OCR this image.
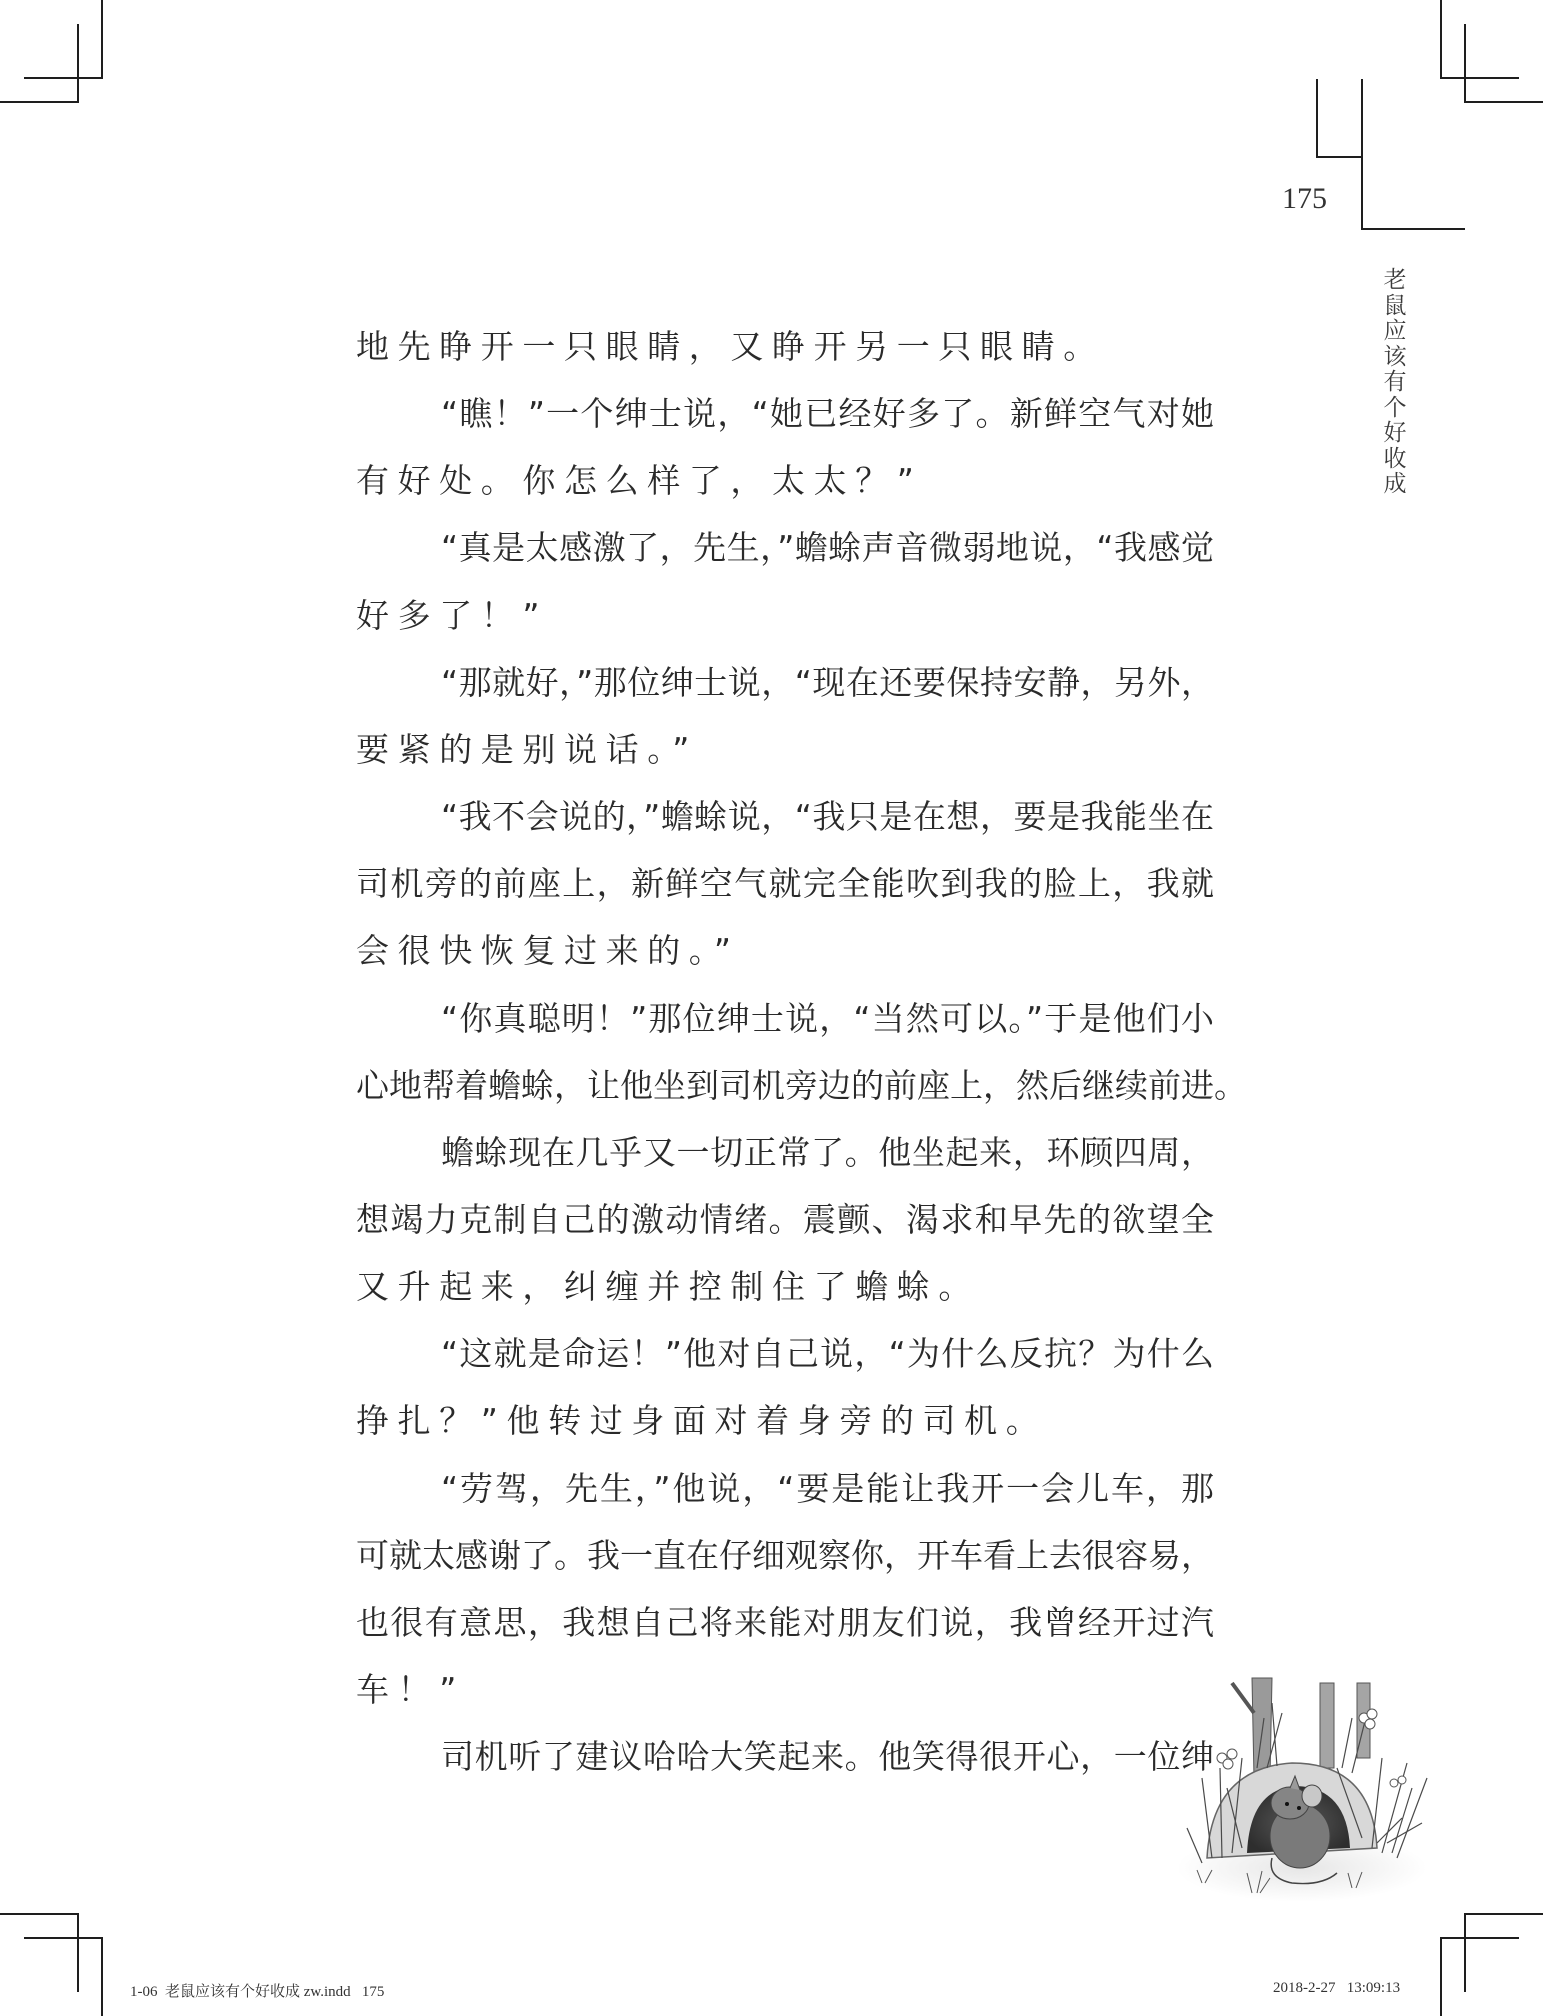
175
老
鼠
应
该
有
个
好
收
成
地先睁开一只眼睛，又睁开另一只眼睛。
“瞧！”一个绅士说，“她已经好多了。新鲜空气对她
有好处。你怎么样了，太太？”
“真是太感激了，先生，”蟾蜍声音微弱地说，“我感觉
好多了！”
“那就好，”那位绅士说，“现在还要保持安静，另外，
要紧的是别说话。”
“我不会说的，”蟾蜍说，“我只是在想，要是我能坐在
司机旁的前座上，新鲜空气就完全能吹到我的脸上，我就
会很快恢复过来的。”
“你真聪明！”那位绅士说，“当然可以。”于是他们小
心地帮着蟾蜍，让他坐到司机旁边的前座上，然后继续前进。
蟾蜍现在几乎又一切正常了。他坐起来，环顾四周，
想竭力克制自己的激动情绪。震颤、渴求和早先的欲望全
又升起来，纠缠并控制住了蟾蜍。
“这就是命运！”他对自己说，“为什么反抗？为什么
挣扎？”他转过身面对着身旁的司机。
“劳驾，先生，”他说，“要是能让我开一会儿车，那
可就太感谢了。我一直在仔细观察你，开车看上去很容易，
也很有意思，我想自己将来能对朋友们说，我曾经开过汽
车！”
司机听了建议哈哈大笑起来。他笑得很开心，一位绅
1-06  老鼠应该有个好收成 zw.indd   175	2018-2-27   13:09:13
